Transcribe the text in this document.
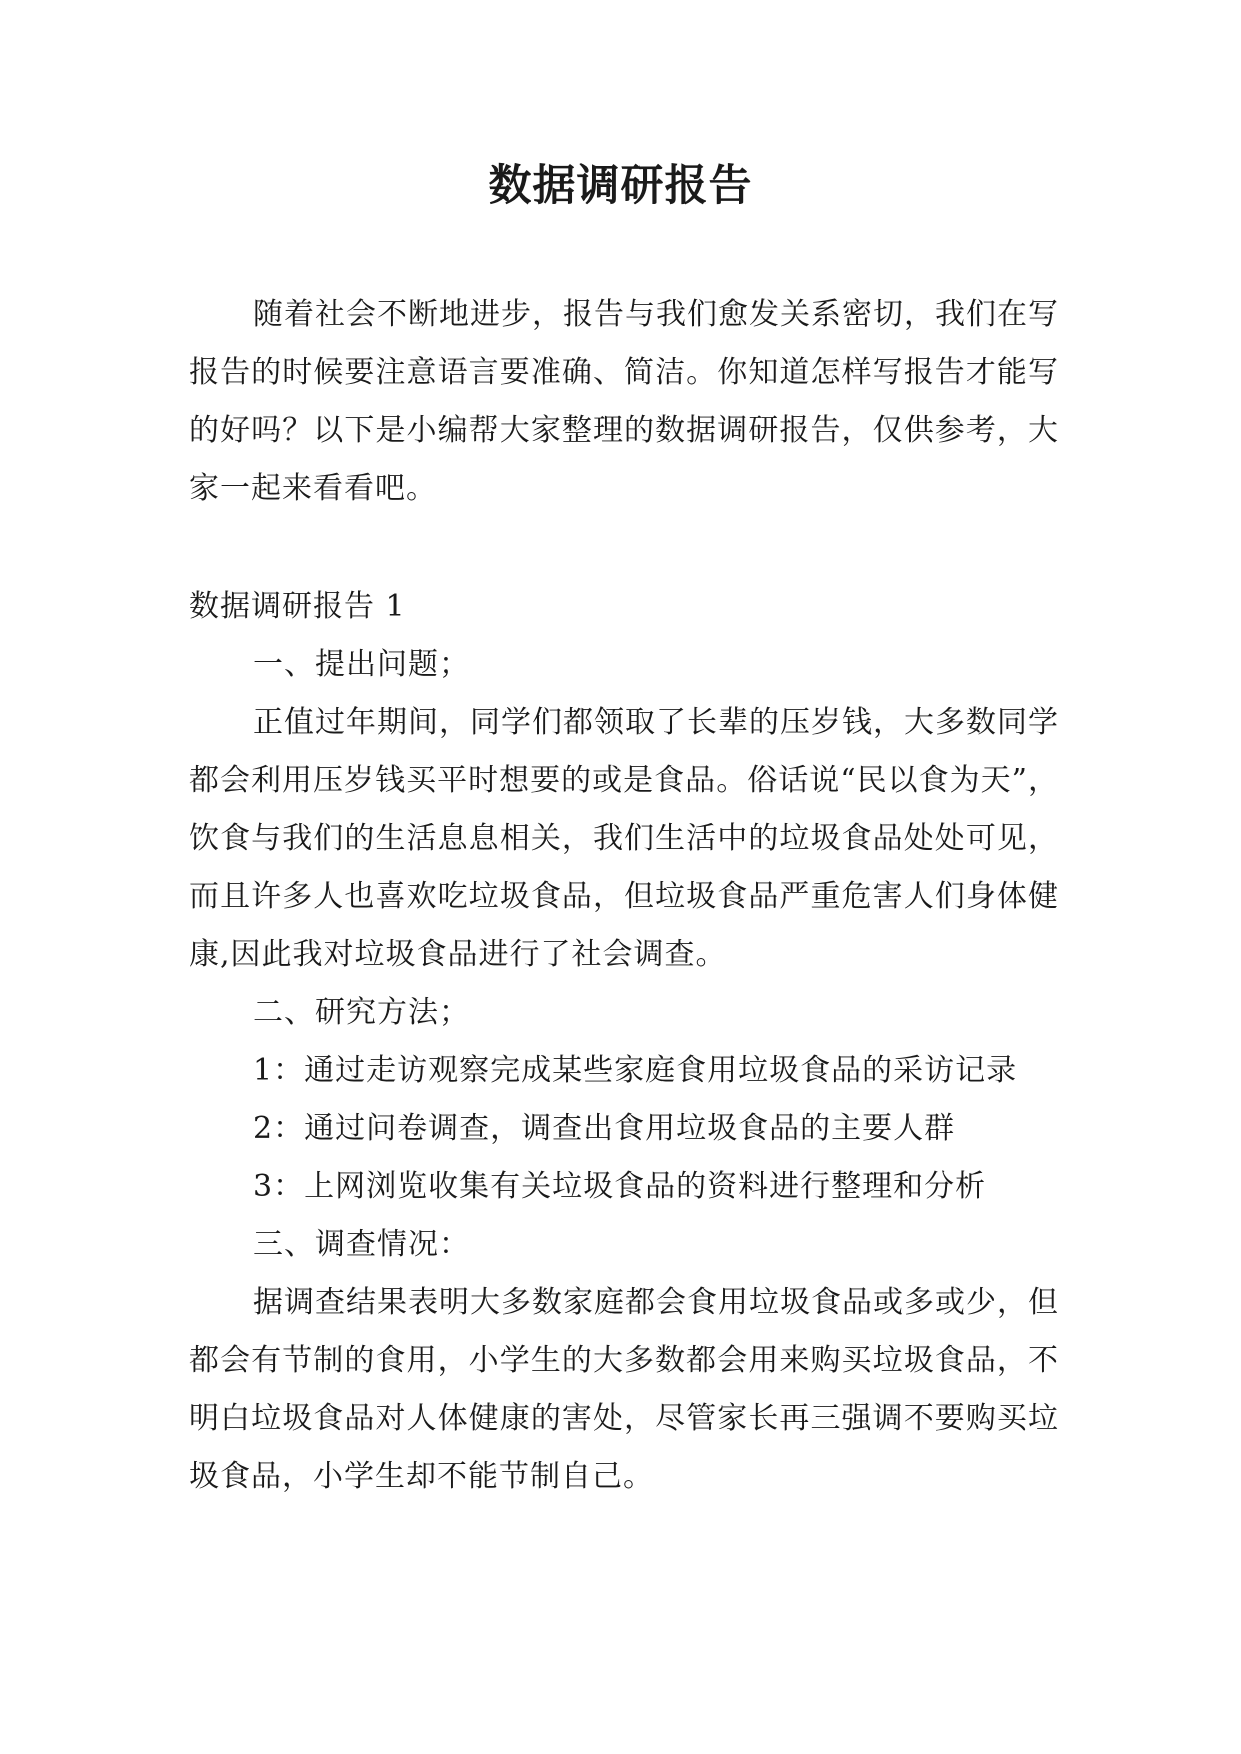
数据调研报告

随着社会不断地进步，报告与我们愈发关系密切，我们在写报告的时候要注意语言要准确、简洁。你知道怎样写报告才能写的好吗？以下是小编帮大家整理的数据调研报告，仅供参考，大家一起来看看吧。

数据调研报告 1

一、提出问题；

正值过年期间，同学们都领取了长辈的压岁钱，大多数同学都会利用压岁钱买平时想要的或是食品。俗话说“民以食为天”，饮食与我们的生活息息相关，我们生活中的垃圾食品处处可见，而且许多人也喜欢吃垃圾食品，但垃圾食品严重危害人们身体健康,因此我对垃圾食品进行了社会调查。

二、研究方法；

1：通过走访观察完成某些家庭食用垃圾食品的采访记录

2：通过问卷调查，调查出食用垃圾食品的主要人群

3：上网浏览收集有关垃圾食品的资料进行整理和分析

三、调查情况：

据调查结果表明大多数家庭都会食用垃圾食品或多或少，但都会有节制的食用，小学生的大多数都会用来购买垃圾食品，不明白垃圾食品对人体健康的害处，尽管家长再三强调不要购买垃圾食品，小学生却不能节制自己。
